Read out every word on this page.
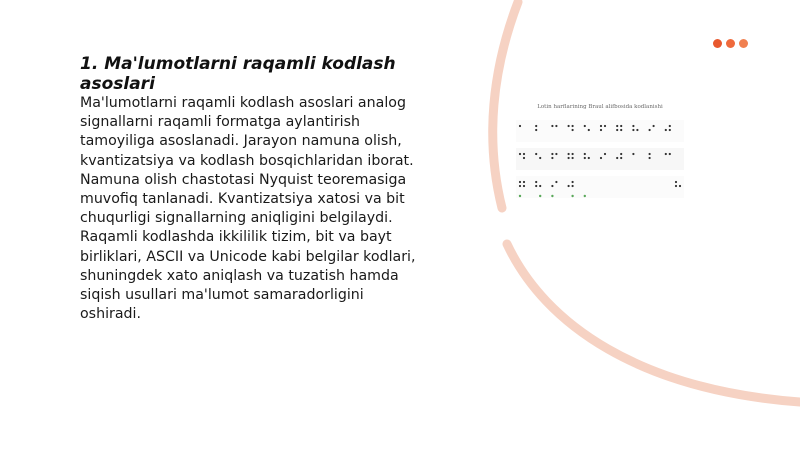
1. Ma'lumotlarni raqamli kodlash asoslari

Ma'lumotlarni raqamli kodlash asoslari analog signallarni raqamli formatga aylantirish tamoyiliga asoslanadi. Jarayon namuna olish, kvantizatsiya va kodlash bosqichlaridan iborat. Namuna olish chastotasi Nyquist teoremasiga muvofiq tanlanadi. Kvantizatsiya xatosi va bit chuqurligi signallarning aniqligini belgilaydi. Raqamli kodlashda ikkililik tizim, bit va bayt birliklari, ASCII va Unicode kabi belgilar kodlari, shuningdek xato aniqlash va tuzatish hamda siqish usullari ma'lumot samaradorligini oshiradi.

Lotin harflarining Braul alifbosida kodlanishi
